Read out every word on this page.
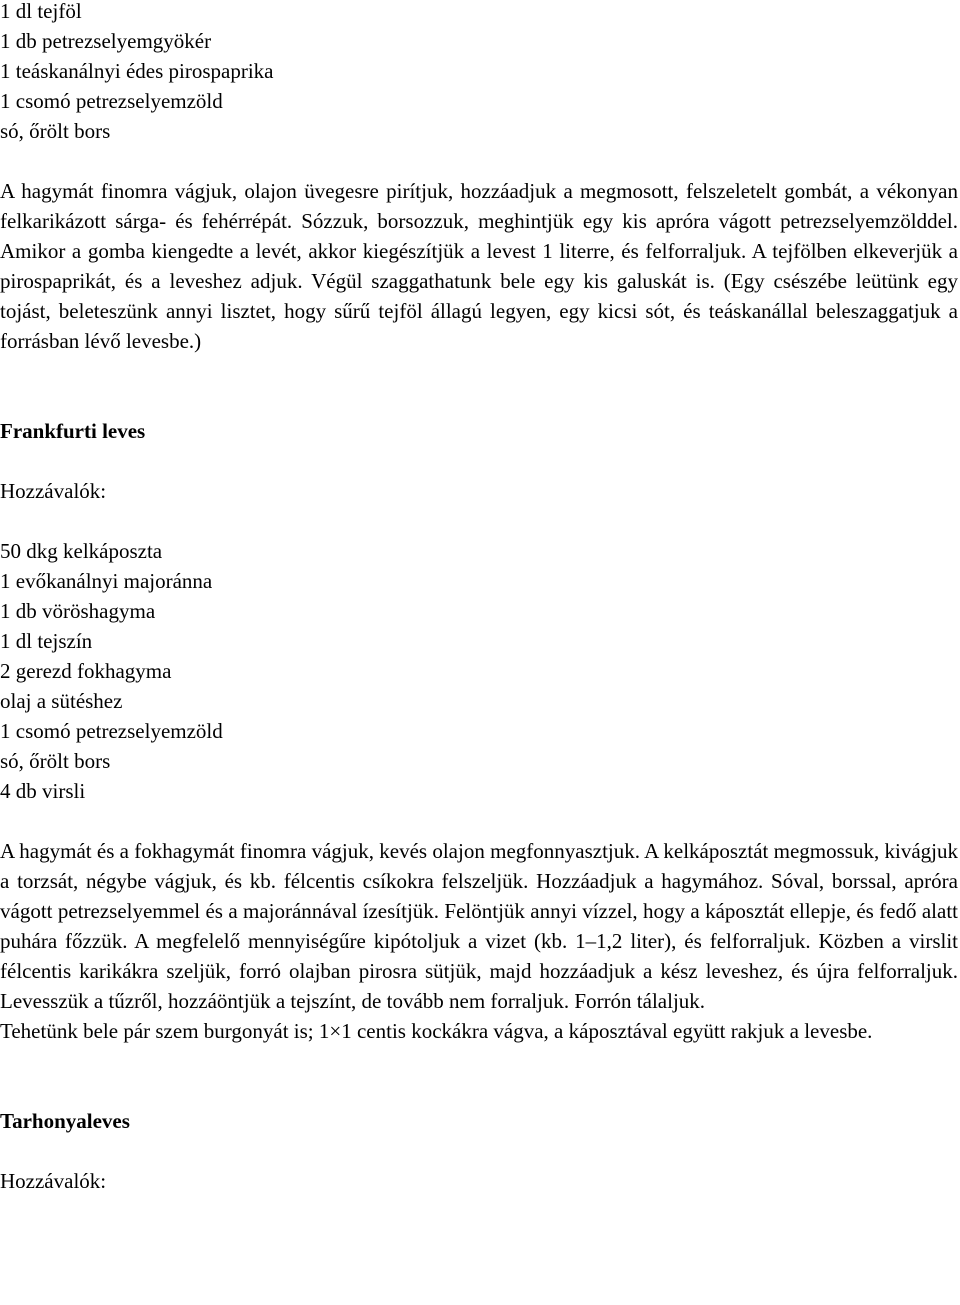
1 dl tejföl
1 db petrezselyemgyökér
1 teáskanálnyi édes pirospaprika
1 csomó petrezselyemzöld
só, őrölt bors

A hagymát finomra vágjuk, olajon üvegesre pirítjuk, hozzáadjuk a megmosott, felszeletelt gombát, a vékonyan felkarikázott sárga- és fehérrépát. Sózzuk, borsozzuk, meghintjük egy kis apróra vágott petrezselyemzölddel. Amikor a gomba kiengedte a levét, akkor kiegészítjük a levest 1 literre, és felforraljuk. A tejfölben elkeverjük a pirospaprikát, és a leveshez adjuk. Végül szaggathatunk bele egy kis galuskát is. (Egy csészébe leütünk egy tojást, beleteszünk annyi lisztet, hogy sűrű tejföl állagú legyen, egy kicsi sót, és teáskanállal beleszaggatjuk a forrásban lévő levesbe.)

Frankfurti leves
Hozzávalók:
50 dkg kelkáposzta
1 evőkanálnyi majoránna
1 db vöröshagyma
1 dl tejszín
2 gerezd fokhagyma
olaj a sütéshez
1 csomó petrezselyemzöld
só, őrölt bors
4 db virsli

A hagymát és a fokhagymát finomra vágjuk, kevés olajon megfonnyasztjuk. A kelkáposztát megmossuk, kivágjuk a torzsát, négybe vágjuk, és kb. félcentis csíkokra felszeljük. Hozzáadjuk a hagymához. Sóval, borssal, apróra vágott petrezselyemmel és a majoránnával ízesítjük. Felöntjük annyi vízzel, hogy a káposztát ellepje, és fedő alatt puhára főzzük. A megfelelő mennyiségűre kipótoljuk a vizet (kb. 1–1,2 liter), és felforraljuk. Közben a virslit félcentis karikákra szeljük, forró olajban pirosra sütjük, majd hozzáadjuk a kész leveshez, és újra felforraljuk. Levesszük a tűzről, hozzáöntjük a tejszínt, de tovább nem forraljuk. Forrón tálaljuk.

Tehetünk bele pár szem burgonyát is; 1×1 centis kockákra vágva, a káposztával együtt rakjuk a levesbe.

Tarhonyaleves
Hozzávalók:
